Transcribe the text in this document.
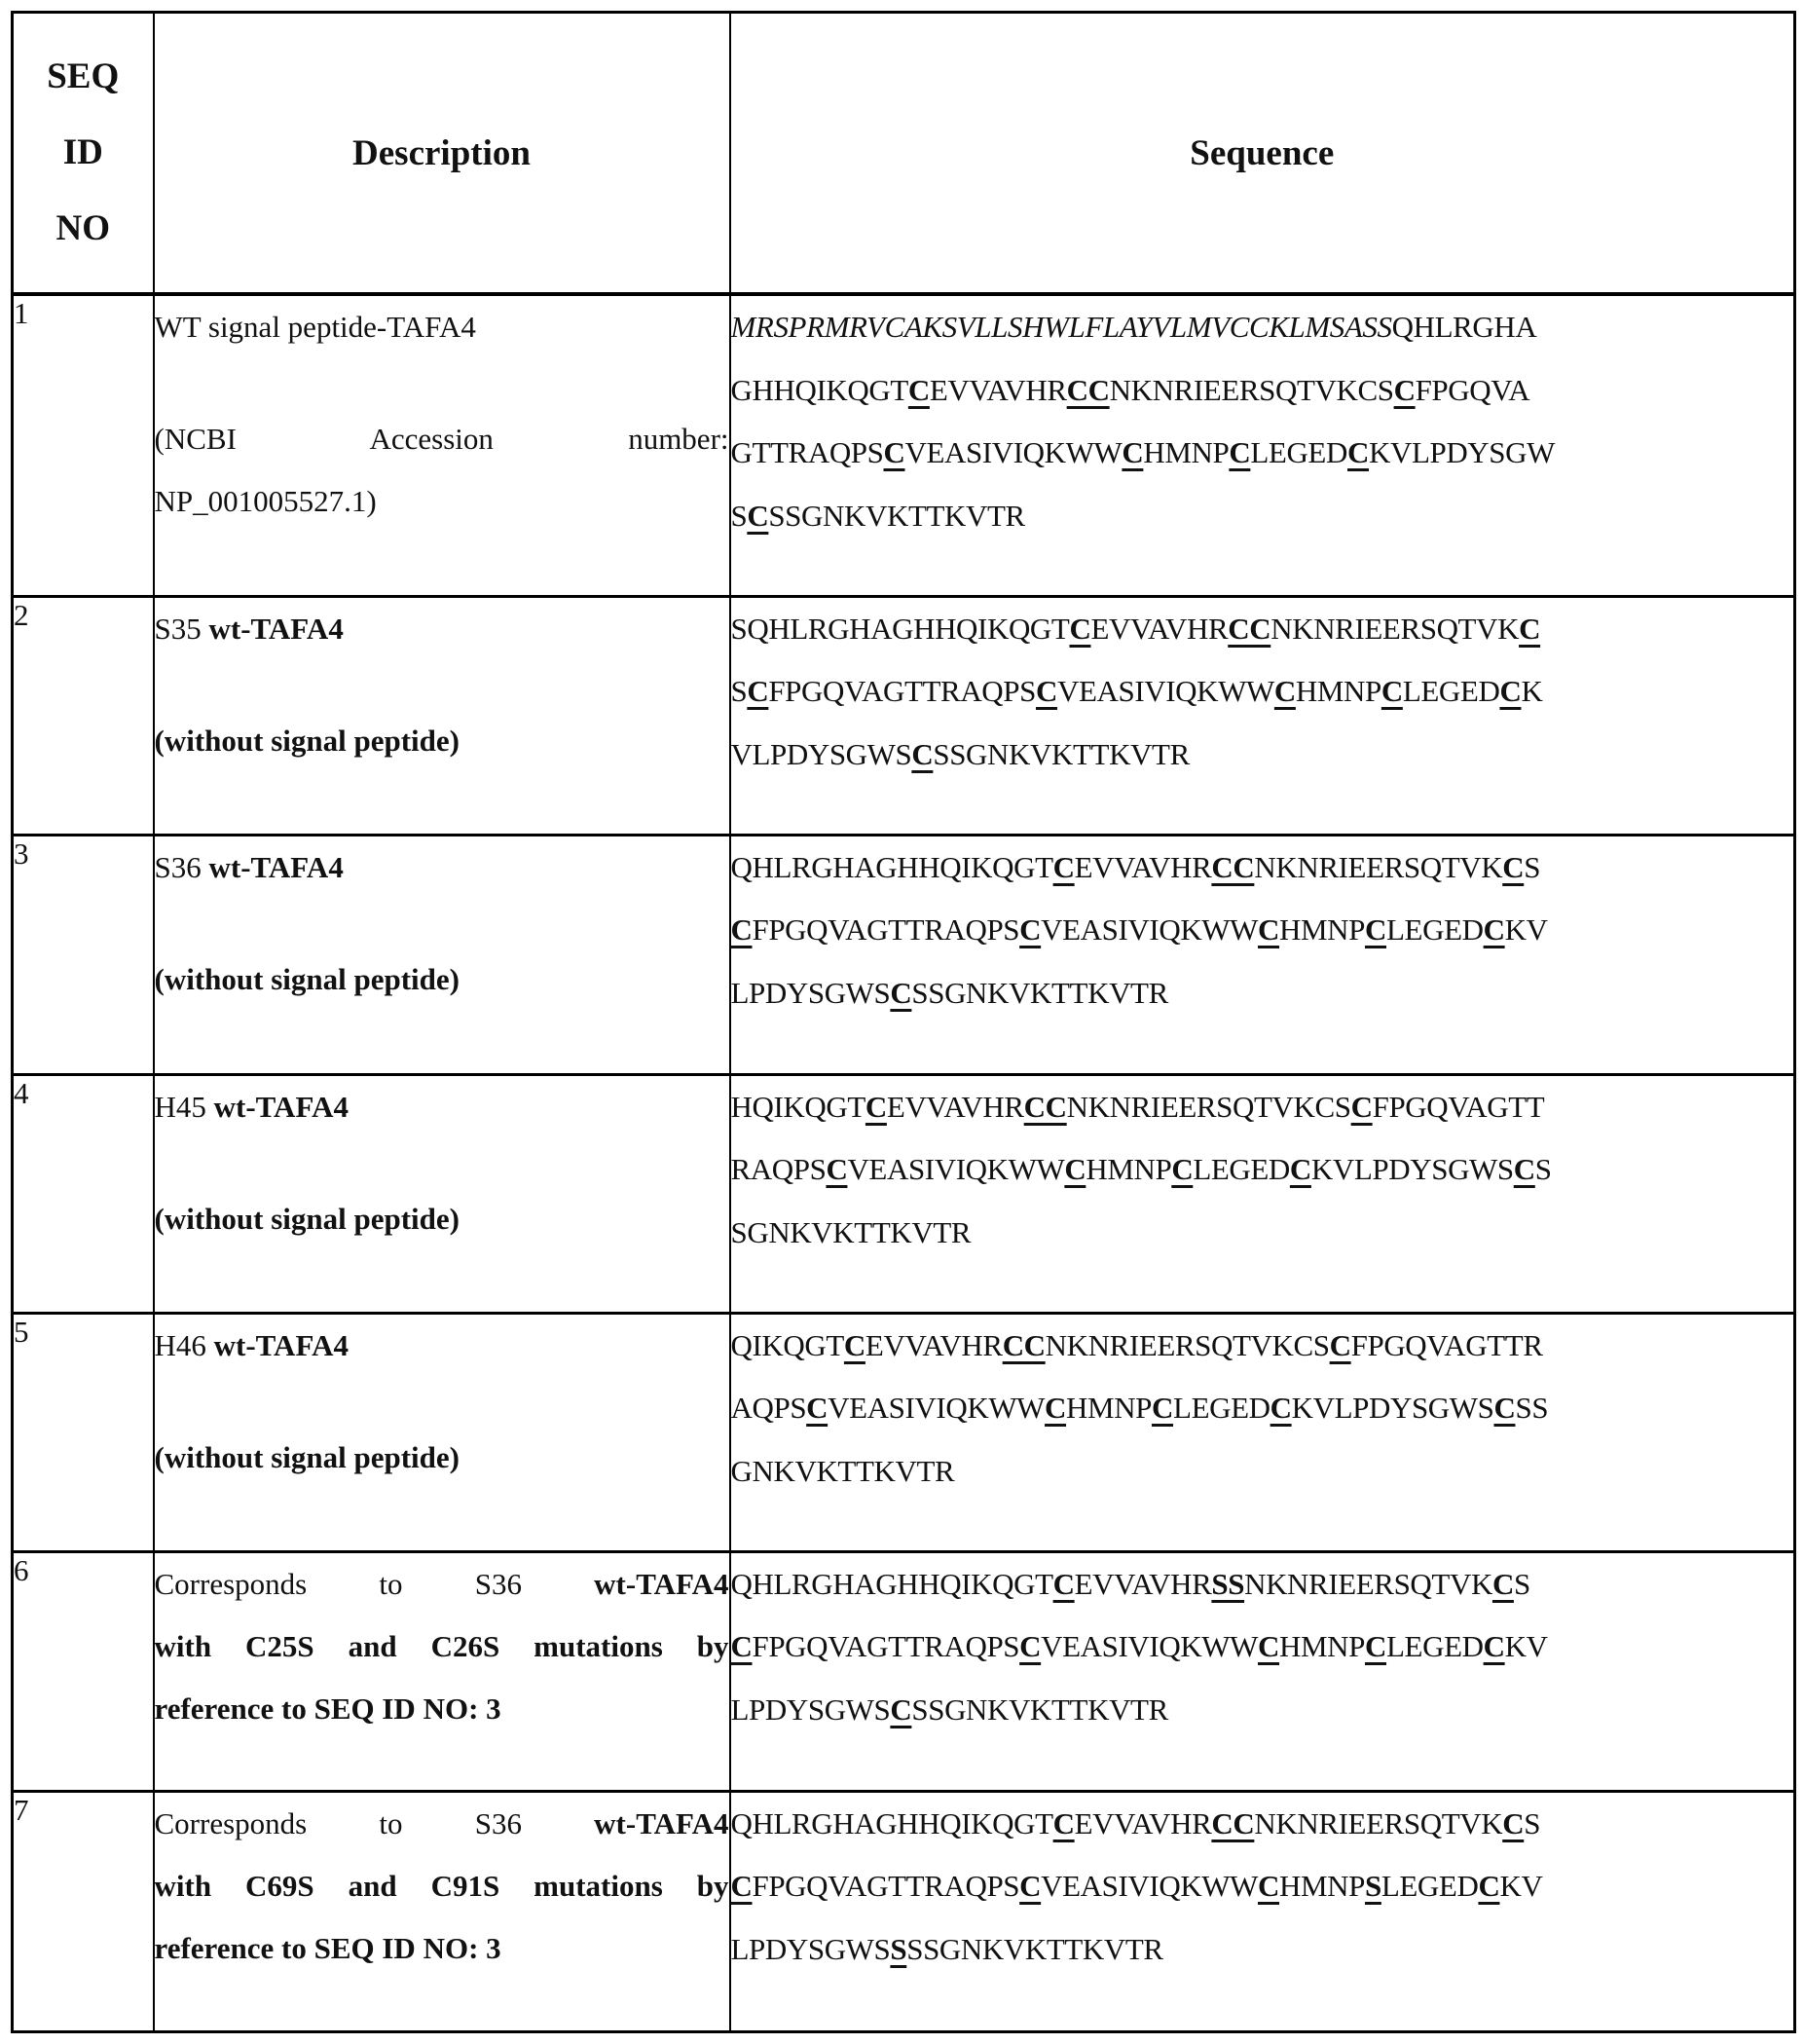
SEQ
ID
NO	Description	Sequence
1	WT signal peptide-TAFA4
(NCBI Accession number:
NP_001005527.1)	MRSPRMRVCAKSVLLSHWLFLAYVLMVCCKLMSASSQHLRGHA
GHHQIKQGTCEVVAVHRCCNKNRIEERSQTVKCSCFPGQVA
GTTRAQPSCVEASIVIQKWWCHMNPCLEGEDCKVLPDYSGW
SCSSGNKVKTTKVTR

2	S35 wt-TAFA4
(without signal peptide)	SQHLRGHAGHHQIKQGTCEVVAVHRCCNKNRIEERSQTVKC
SCFPGQVAGTTRAQPSCVEASIVIQKWWCHMNPCLEGEDCK
VLPDYSGWSCSSGNKVKTTKVTR

3	S36 wt-TAFA4
(without signal peptide)	QHLRGHAGHHQIKQGTCEVVAVHRCCNKNRIEERSQTVKCS
CFPGQVAGTTRAQPSCVEASIVIQKWWCHMNPCLEGEDCKV
LPDYSGWSCSSGNKVKTTKVTR

4	H45 wt-TAFA4
(without signal peptide)	HQIKQGTCEVVAVHRCCNKNRIEERSQTVKCSCFPGQVAGTT
RAQPSCVEASIVIQKWWCHMNPCLEGEDCKVLPDYSGWSCS
SGNKVKTTKVTR

5	H46 wt-TAFA4
(without signal peptide)	QIKQGTCEVVAVHRCCNKNRIEERSQTVKCSCFPGQVAGTTR
AQPSCVEASIVIQKWWCHMNPCLEGEDCKVLPDYSGWSCSS
GNKVKTTKVTR

6	Corresponds to S36 wt-TAFA4
with C25S and C26S mutations by
reference to SEQ ID NO: 3	QHLRGHAGHHQIKQGTCEVVAVHRSSNKNRIEERSQTVKCS
CFPGQVAGTTRAQPSCVEASIVIQKWWCHMNPCLEGEDCKV
LPDYSGWSCSSGNKVKTTKVTR

7	Corresponds to S36 wt-TAFA4
with C69S and C91S mutations by
reference to SEQ ID NO: 3	QHLRGHAGHHQIKQGTCEVVAVHRCCNKNRIEERSQTVKCS
CFPGQVAGTTRAQPSCVEASIVIQKWWCHMNPSLEGEDCKV
LPDYSGWSSSSGNKVKTTKVTR
